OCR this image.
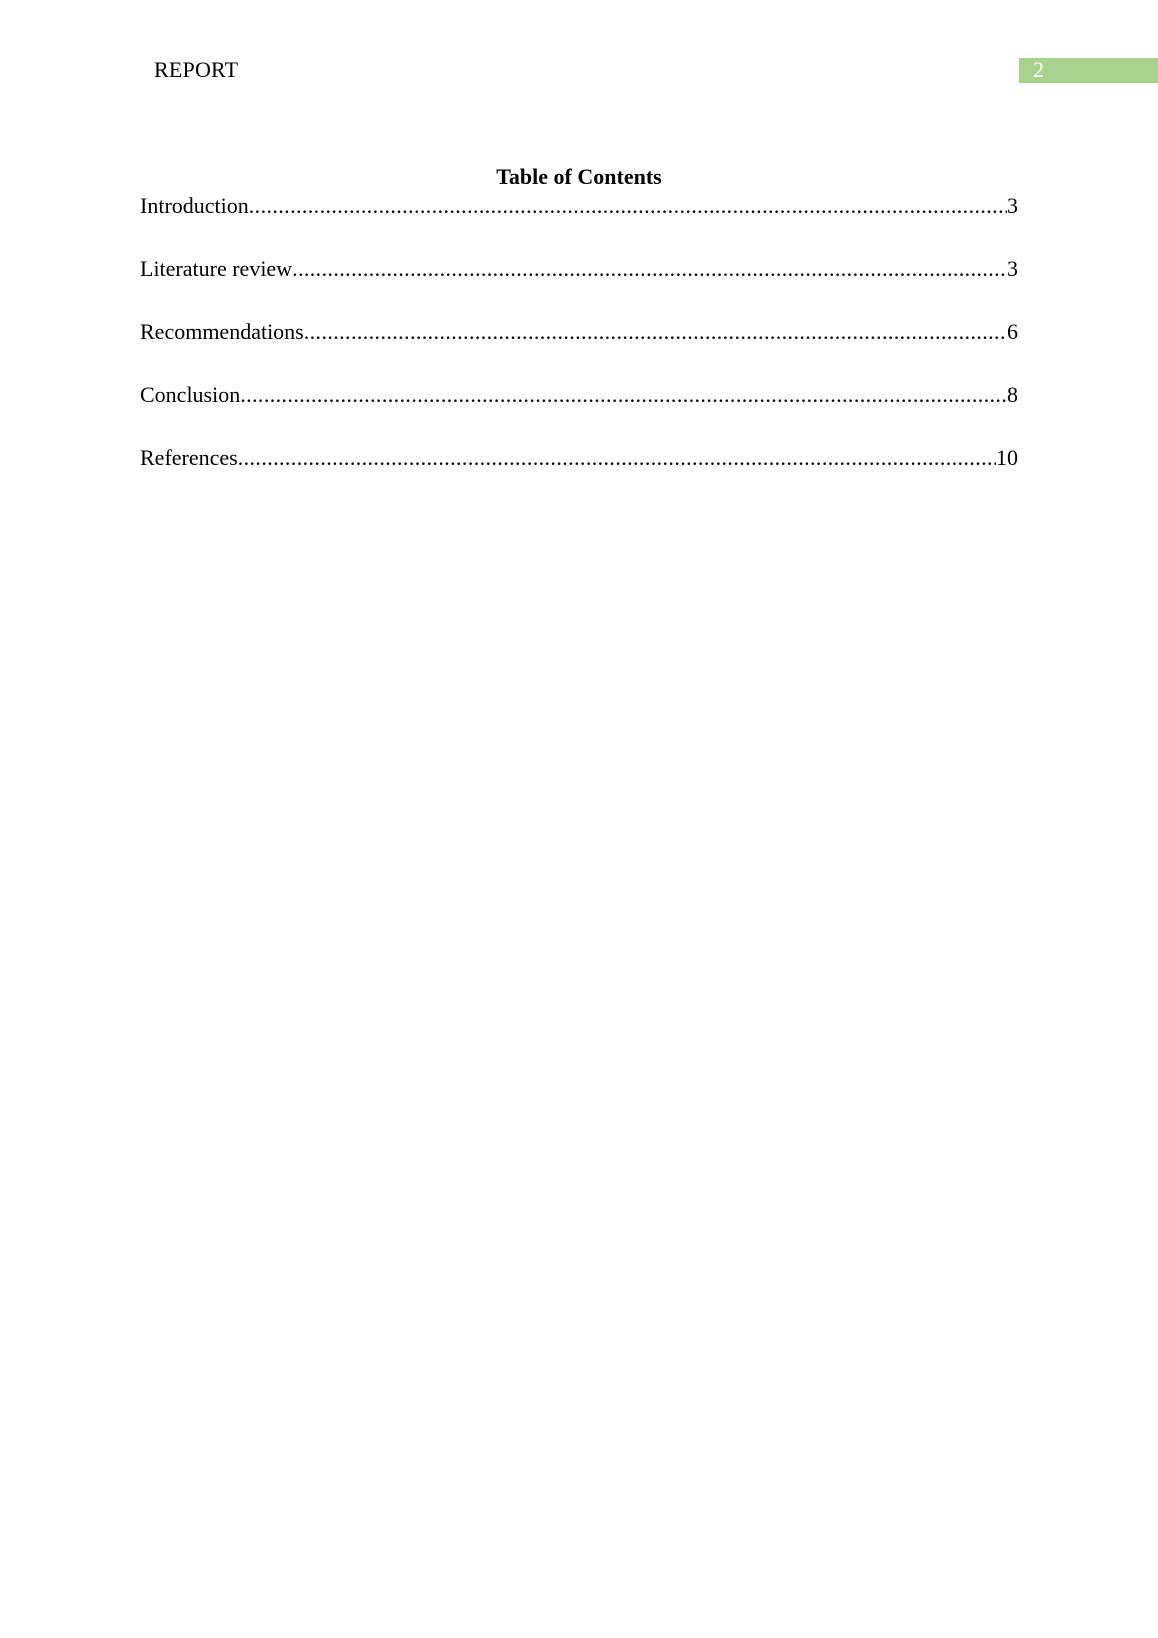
REPORT	2
Table of Contents
Introduction .....	3
Literature review .....	3
Recommendations .....	6
Conclusion .....	8
References .....	10
